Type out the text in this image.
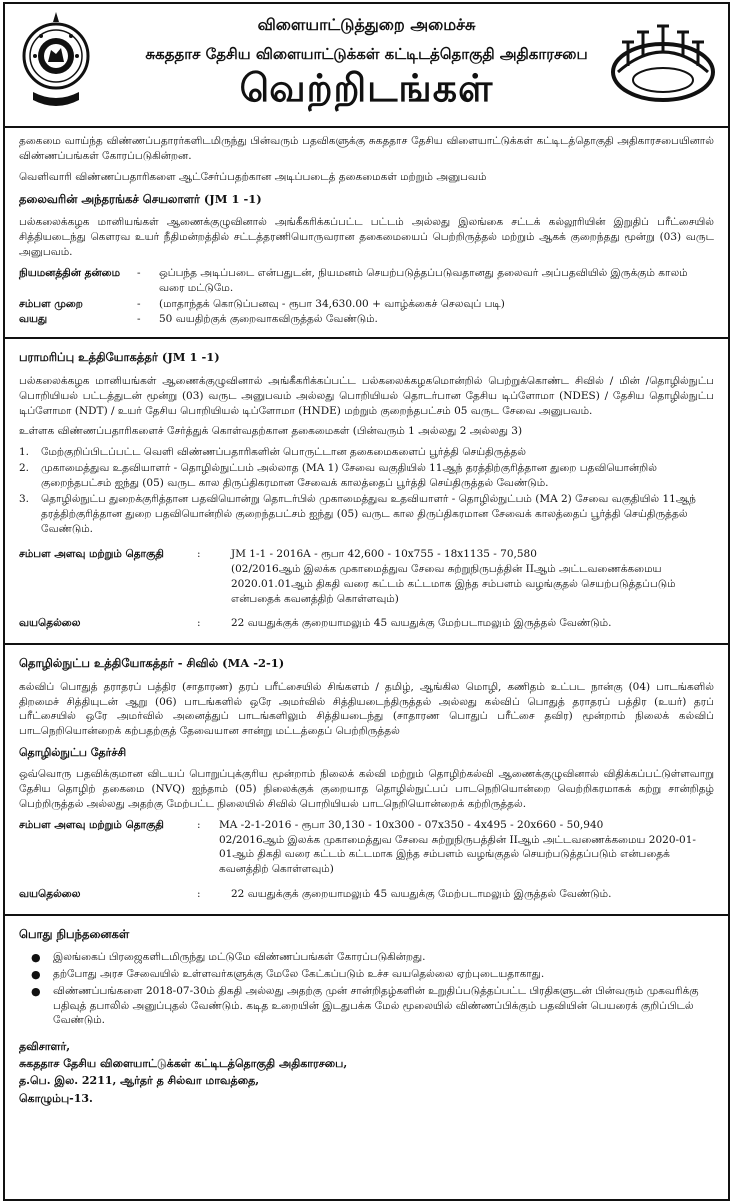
விளையாட்டுத்துறை அமைச்சு
சுகததாச தேசிய விளையாட்டுக்கள் கட்டிடத்தொகுதி அதிகாரசபை
வெற்றிடங்கள்

தகைமை வாய்ந்த விண்ணப்பதாரர்களிடமிருந்து பின்வரும் பதவிகளுக்கு சுகததாச தேசிய விளையாட்டுக்கள் கட்டிடத்தொகுதி அதிகாரசபையினால் விண்ணப்பங்கள் கோரப்படுகின்றன.

வெளிவாரி விண்ணப்பதாரிகளை ஆட்சேர்ப்பதற்கான அடிப்படைத் தகைமைகள் மற்றும் அனுபவம்

தலைவரின் அந்தரங்கச் செயலாளர் (JM 1 -1)

பல்கலைக்கழக மானியங்கள் ஆணைக்குழுவினால் அங்கீகரிக்கப்பட்ட பட்டம் அல்லது இலங்கை சட்டக் கல்லூரியின் இறுதிப் பரீட்சையில் சித்தியடைந்து கௌரவ உயர் நீதிமன்றத்தில் சட்டத்தரணியொருவரான தகைமையைப் பெற்றிருத்தல் மற்றும் ஆகக் குறைந்தது மூன்று (03) வருட அனுபவம்.

நியமனத்தின் தன்மை	-	ஒப்பந்த அடிப்படை என்பதுடன், நியமனம் செயற்படுத்தப்படுவதானது தலைவர் அப்பதவியில் இருக்கும் காலம் வரை மட்டுமே.
சம்பள முறை	-	(மாதாந்தக் கொடுப்பனவு - ரூபா 34,630.00 + வாழ்க்கைச் செலவுப் படி)
வயது	-	50 வயதிற்குக் குறைவாகவிருத்தல் வேண்டும்.
பராமரிப்பு உத்தியோகத்தர் (JM 1 -1)

பல்கலைக்கழக மானியங்கள் ஆணைக்குழுவினால் அங்கீகரிக்கப்பட்ட பல்கலைக்கழகமொன்றில் பெற்றுக்கொண்ட சிவில் / மின் /தொழில்நுட்ப பொறியியல் பட்டத்துடன் மூன்று (03) வருட அனுபவம் அல்லது பொறியியல் தொடர்பான தேசிய டிப்ளோமா (NDES) / தேசிய தொழில்நுட்ப டிப்ளோமா (NDT) / உயர் தேசிய பொறியியல் டிப்ளோமா (HNDE) மற்றும் குறைந்தபட்சம் 05 வருட சேவை அனுபவம்.

உள்ளக விண்ணப்பதாரிகளைச் சேர்த்துக் கொள்வதற்கான தகைமைகள் (பின்வரும் 1 அல்லது 2 அல்லது 3)

1.	மேற்குறிப்பிடப்பட்ட வெளி விண்ணப்பதாரிகளின் பொருட்டான தகைமைகளைப் பூர்த்தி செய்திருத்தல்
2.	முகாமைத்துவ உதவியாளர் - தொழில்நுட்பம் அல்லாத (MA 1) சேவை வகுதியில் 11ஆந் தரத்திற்குரித்தான துறை பதவியொன்றில் குறைந்தபட்சம் ஐந்து (05) வருட கால திருப்திகரமான சேவைக் காலத்தைப் பூர்த்தி செய்திருத்தல் வேண்டும்.
3.	தொழில்நுட்ப துறைக்குரித்தான பதவியொன்று தொடர்பில் முகாமைத்துவ உதவியாளர் - தொழில்நுட்பம் (MA 2) சேவை வகுதியில் 11ஆந் தரத்திற்குரித்தான துறை பதவியொன்றில் குறைந்தபட்சம் ஐந்து (05) வருட கால திருப்திகரமான சேவைக் காலத்தைப் பூர்த்தி செய்திருத்தல் வேண்டும்.
சம்பள அளவு மற்றும் தொகுதி	:	JM 1-1 - 2016A - ரூபா 42,600 - 10x755 - 18x1135 - 70,580
(02/2016ஆம் இலக்க முகாமைத்துவ சேவை சுற்றுநிருபத்தின் IIஆம் அட்டவணைக்கமைய 2020.01.01ஆம் திகதி வரை கட்டம் கட்டமாக இந்த சம்பளம் வழங்குதல் செயற்படுத்தப்படும் என்பதைக் கவனத்திற் கொள்ளவும்)
வயதெல்லை	:	22 வயதுக்குக் குறையாமலும் 45 வயதுக்கு மேற்படாமலும் இருத்தல் வேண்டும்.
தொழில்நுட்ப உத்தியோகத்தர் - சிவில் (MA -2-1)

கல்விப் பொதுத் தராதரப் பத்திர (சாதாரண) தரப் பரீட்சையில் சிங்களம் / தமிழ், ஆங்கில மொழி, கணிதம் உட்பட நான்கு (04) பாடங்களில் திறமைச் சித்தியுடன் ஆறு (06) பாடங்களில் ஒரே அமர்வில் சித்தியடைந்திருத்தல் அல்லது கல்விப் பொதுத் தராதரப் பத்திர (உயர்) தரப் பரீட்சையில் ஒரே அமர்வில் அனைத்துப் பாடங்களிலும் சித்தியடைந்து (சாதாரண பொதுப் பரீட்சை தவிர) மூன்றாம் நிலைக் கல்விப் பாடநெறியொன்றைக் கற்பதற்குத் தேவையான சான்று மட்டத்தைப் பெற்றிருத்தல்

தொழில்நுட்ப தேர்ச்சி

ஒவ்வொரு பதவிக்குமான விடயப் பொறுப்புக்குரிய மூன்றாம் நிலைக் கல்வி மற்றும் தொழிற்கல்வி ஆணைக்குழுவினால் விதிக்கப்பட்டுள்ளவாறு தேசிய தொழிற் தகைமை (NVQ) ஐந்தாம் (05) நிலைக்குக் குறையாத தொழில்நுட்பப் பாடநெறியொன்றை வெற்றிகரமாகக் கற்று சான்றிதழ் பெற்றிருத்தல் அல்லது அதற்கு மேற்பட்ட நிலையில் சிவில் பொறியியல் பாடநெறியொன்றைக் கற்றிருத்தல்.

சம்பள அளவு மற்றும் தொகுதி	:	MA -2-1-2016 - ரூபா 30,130 - 10x300 - 07x350 - 4x495 - 20x660 - 50,940
02/2016ஆம் இலக்க முகாமைத்துவ சேவை சுற்றுநிருபத்தின் IIஆம் அட்டவணைக்கமைய 2020-01-01ஆம் திகதி வரை கட்டம் கட்டமாக இந்த சம்பளம் வழங்குதல் செயற்படுத்தப்படும் என்பதைக் கவனத்திற் கொள்ளவும்)
வயதெல்லை	:	22 வயதுக்குக் குறையாமலும் 45 வயதுக்கு மேற்படாமலும் இருத்தல் வேண்டும்.
பொது நிபந்தனைகள்
●	இலங்கைப் பிரஜைகளிடமிருந்து மட்டுமே விண்ணப்பங்கள் கோரப்படுகின்றது.
●	தற்போது அரச சேவையில் உள்ளவர்களுக்கு மேலே கேட்கப்படும் உச்ச வயதெல்லை ஏற்புடையதாகாது.
●	விண்ணப்பங்களை 2018-07-30ம் திகதி அல்லது அதற்கு முன் சான்றிதழ்களின் உறுதிப்படுத்தப்பட்ட பிரதிகளுடன் பின்வரும் முகவரிக்கு பதிவுத் தபாலில் அனுப்புதல் வேண்டும். கடித உறையின் இடதுபக்க மேல் மூலையில் விண்ணப்பிக்கும் பதவியின் பெயரைக் குறிப்பிடல் வேண்டும்.
தவிசாளர்,
சுகததாச தேசிய விளையாட்டுக்கள் கட்டிடத்தொகுதி அதிகாரசபை,
த.பெ. இல. 2211, ஆர்தர் த சில்வா மாவத்தை,
கொழும்பு-13.
